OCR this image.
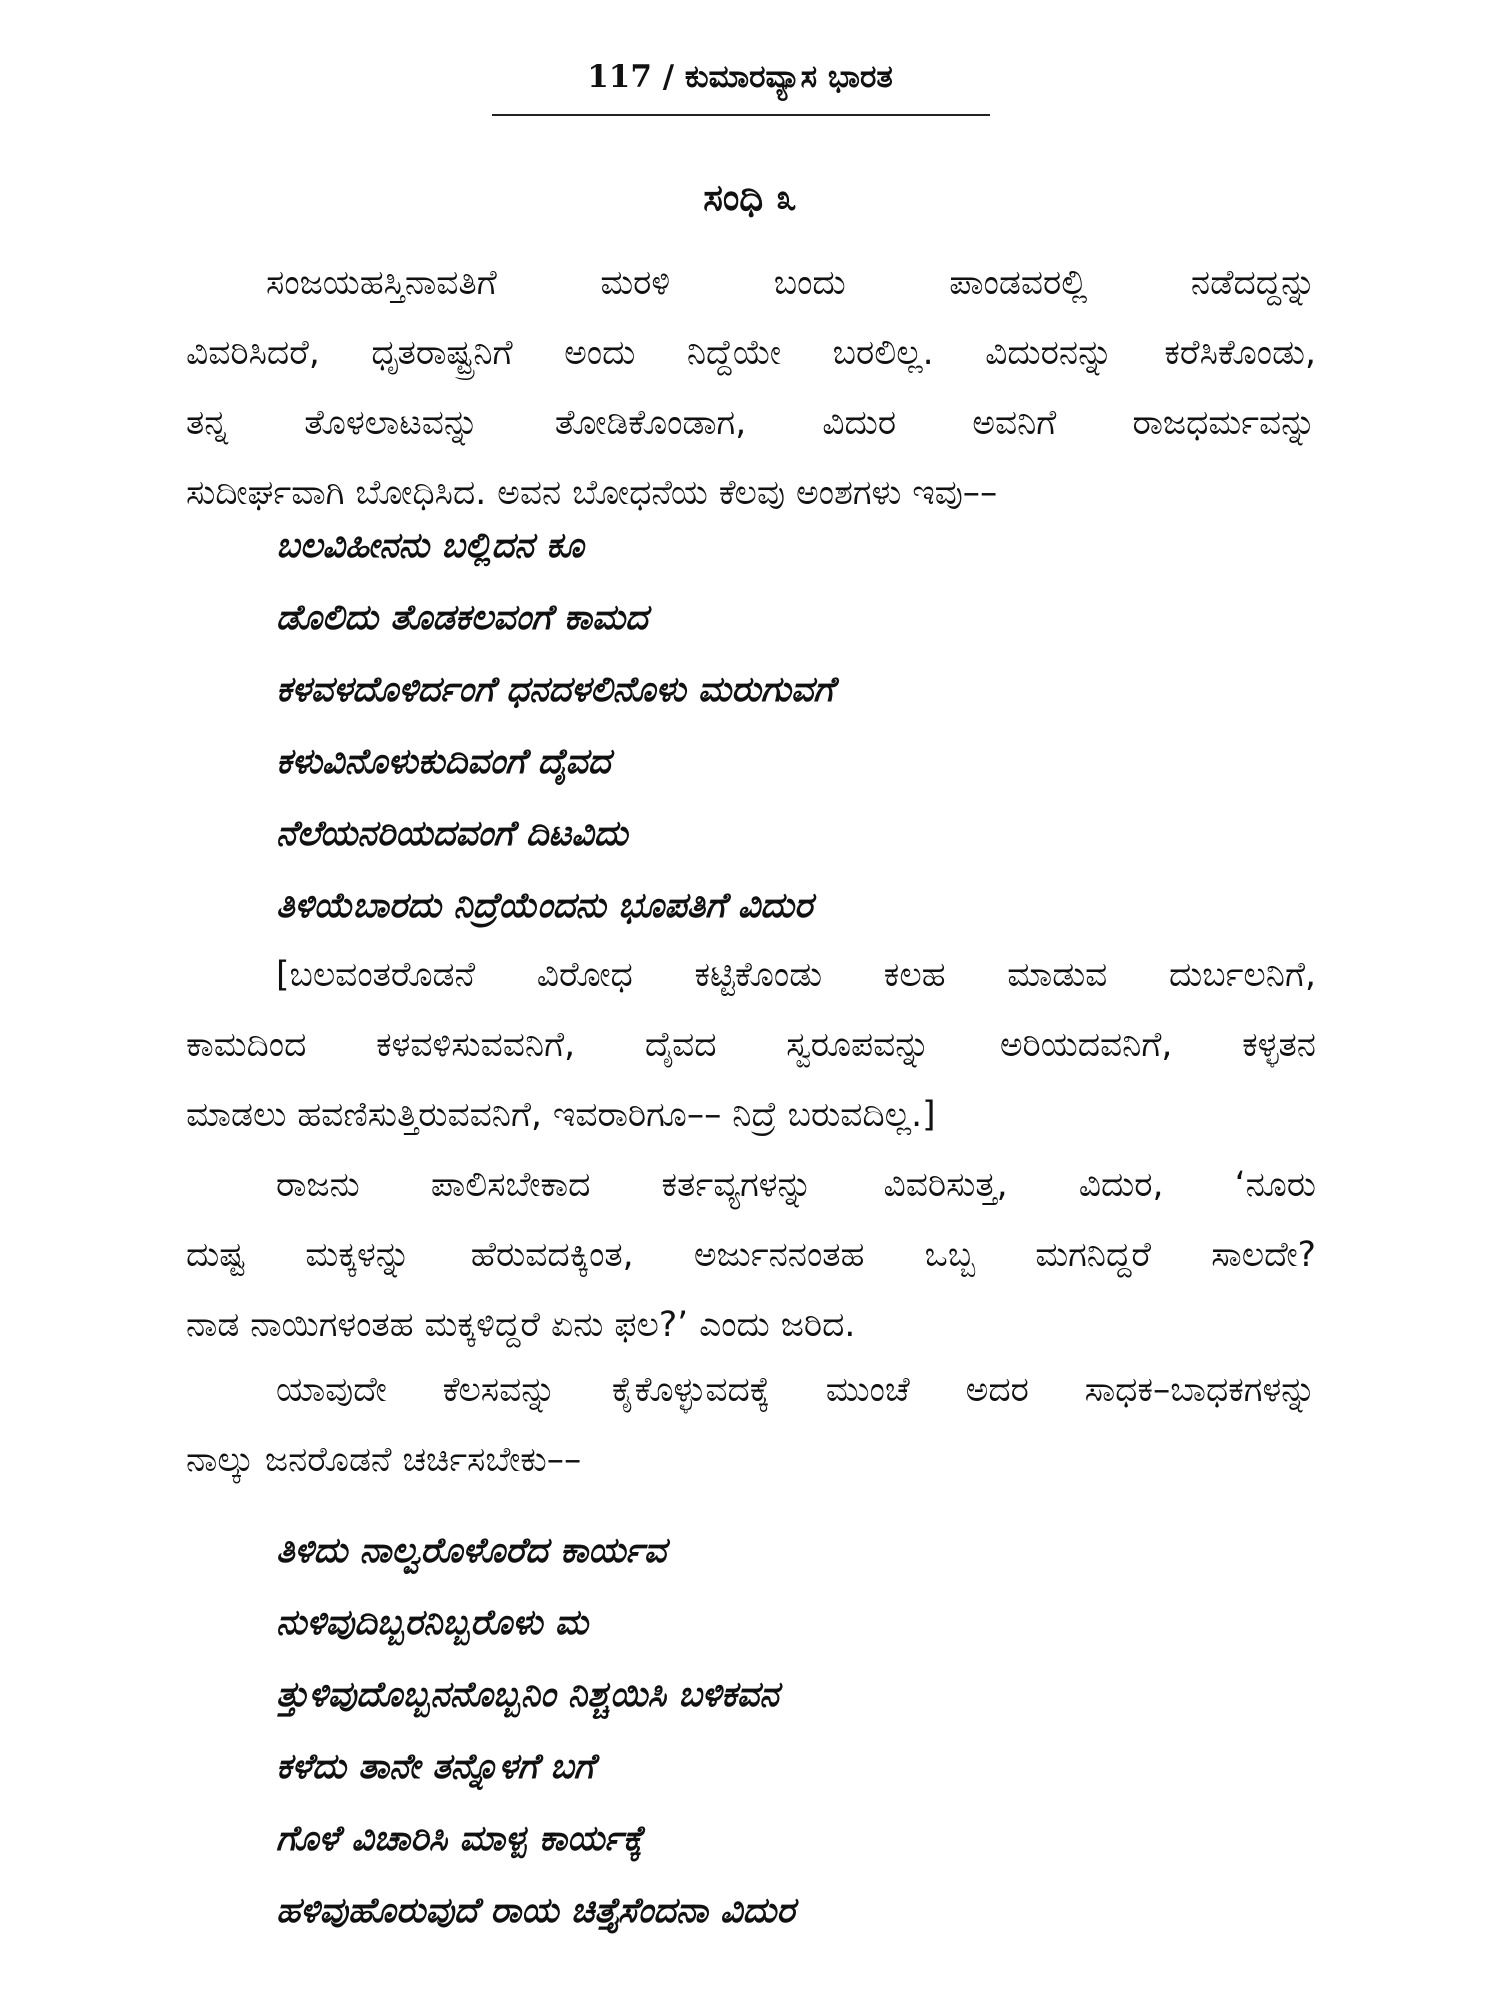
117 / ಕುಮಾರವ್ಯಾಸ ಭಾರತ
ಸಂಧಿ ೩
ಸಂಜಯಹಸ್ತಿನಾವತಿಗೆ ಮರಳಿ ಬಂದು ಪಾಂಡವರಲ್ಲಿ ನಡೆದದ್ದನ್ನು
ವಿವರಿಸಿದರೆ, ಧೃತರಾಷ್ಟ್ರನಿಗೆ ಅಂದು ನಿದ್ದೆಯೇ ಬರಲಿಲ್ಲ. ವಿದುರನನ್ನು ಕರೆಸಿಕೊಂಡು,
ತನ್ನ ತೊಳಲಾಟವನ್ನು ತೋಡಿಕೊಂಡಾಗ, ವಿದುರ ಅವನಿಗೆ ರಾಜಧರ್ಮವನ್ನು
ಸುದೀರ್ಘವಾಗಿ ಬೋಧಿಸಿದ. ಅವನ ಬೋಧನೆಯ ಕೆಲವು ಅಂಶಗಳು ಇವು––
ಬಲವಿಹೀನನು ಬಲ್ಲಿದನ ಕೂ
ಡೊಲಿದು ತೊಡಕಲವಂಗೆ ಕಾಮದ
ಕಳವಳದೊಳಿರ್ದಂಗೆ ಧನದಳಲಿನೊಳು ಮರುಗುವಗೆ
ಕಳುವಿನೊಳುಕುದಿವಂಗೆ ದೈವದ
ನೆಲೆಯನರಿಯದವಂಗೆ ದಿಟವಿದು
ತಿಳಿಯೆಬಾರದು ನಿದ್ರೆಯೆಂದನು ಭೂಪತಿಗೆ ವಿದುರ
[ಬಲವಂತರೊಡನೆ ವಿರೋಧ ಕಟ್ಟಿಕೊಂಡು ಕಲಹ ಮಾಡುವ ದುರ್ಬಲನಿಗೆ,
ಕಾಮದಿಂದ ಕಳವಳಿಸುವವನಿಗೆ, ದೈವದ ಸ್ವರೂಪವನ್ನು ಅರಿಯದವನಿಗೆ, ಕಳ್ಳತನ
ಮಾಡಲು ಹವಣಿಸುತ್ತಿರುವವನಿಗೆ, ಇವರಾರಿಗೂ–– ನಿದ್ರೆ ಬರುವದಿಲ್ಲ.]
ರಾಜನು ಪಾಲಿಸಬೇಕಾದ ಕರ್ತವ್ಯಗಳನ್ನು ವಿವರಿಸುತ್ತ, ವಿದುರ, ‘ನೂರು
ದುಷ್ಟ ಮಕ್ಕಳನ್ನು ಹೆರುವದಕ್ಕಿಂತ, ಅರ್ಜುನನಂತಹ ಒಬ್ಬ ಮಗನಿದ್ದರೆ ಸಾಲದೇ?
ನಾಡ ನಾಯಿಗಳಂತಹ ಮಕ್ಕಳಿದ್ದರೆ ಏನು ಫಲ?’ ಎಂದು ಜರಿದ.
ಯಾವುದೇ ಕೆಲಸವನ್ನು ಕೈಕೊಳ್ಳುವದಕ್ಕೆ ಮುಂಚೆ ಅದರ ಸಾಧಕ–ಬಾಧಕಗಳನ್ನು
ನಾಲ್ಕು ಜನರೊಡನೆ ಚರ್ಚಿಸಬೇಕು––
ತಿಳಿದು ನಾಲ್ವರೊಳೊರೆದ ಕಾರ್ಯವ
ನುಳಿವುದಿಬ್ಬರನಿಬ್ಬರೊಳು ಮ
ತ್ತುಳಿವುದೊಬ್ಬನನೊಬ್ಬನಿಂ ನಿಶ್ಚಯಿಸಿ ಬಳಿಕವನ
ಕಳೆದು ತಾನೇ ತನ್ನೊಳಗೆ ಬಗೆ
ಗೊಳೆ ವಿಚಾರಿಸಿ ಮಾಳ್ಪ ಕಾರ್ಯಕ್ಕೆ
ಹಳಿವುಹೊರುವುದೆ ರಾಯ ಚಿತ್ತೈಸೆಂದನಾ ವಿದುರ
